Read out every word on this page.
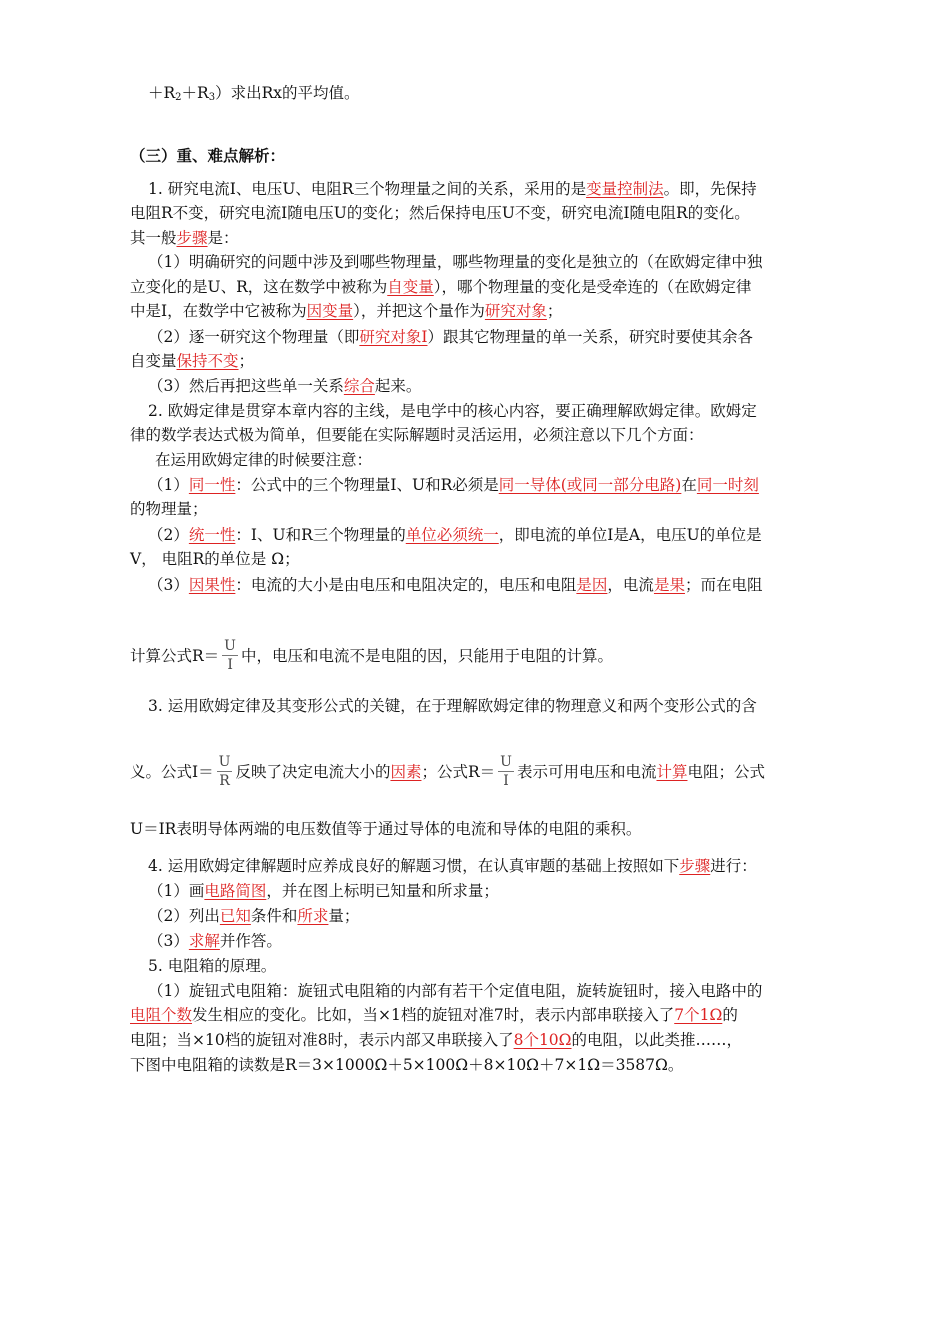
$+R_2+R_3$）求出Rx的平均值。
（三）重、难点解析：
1. 研究电流I、电压U、电阻R三个物理量之间的关系，采用的是变量控制法。即，先保持
电阻R不变，研究电流I随电压U的变化；然后保持电压U不变，研究电流I随电阻R的变化。
其一般步骤是：
（1）明确研究的问题中涉及到哪些物理量，哪些物理量的变化是独立的（在欧姆定律中独
立变化的是U、R，这在数学中被称为自变量），哪个物理量的变化是受牵连的（在欧姆定律
中是I，在数学中它被称为因变量），并把这个量作为研究对象；
（2）逐一研究这个物理量（即研究对象I）跟其它物理量的单一关系，研究时要使其余各
自变量保持不变；
（3）然后再把这些单一关系综合起来。
2. 欧姆定律是贯穿本章内容的主线，是电学中的核心内容，要正确理解欧姆定律。欧姆定
律的数学表达式极为简单，但要能在实际解题时灵活运用，必须注意以下几个方面：
在运用欧姆定律的时候要注意：
（1）同一性：公式中的三个物理量I、U和R必须是同一导体(或同一部分电路)在同一时刻
的物理量；
（2）统一性：I、U和R三个物理量的单位必须统一，即电流的单位I是A，电压U的单位是
V， 电阻R的单位是 Ω；
（3）因果性：电流的大小是由电压和电阻决定的，电压和电阻是因，电流是果；而在电阻
计算公式$R= \frac{U}{I}$ 中，电压和电流不是电阻的因，只能用于电阻的计算。
3. 运用欧姆定律及其变形公式的关键，在于理解欧姆定律的物理意义和两个变形公式的含
义。公式$I= \frac{U}{R}$ 反映了决定电流大小的因素；公式$R= \frac{U}{I}$ 表示可用电压和电流计算电阻；公式
U＝IR表明导体两端的电压数值等于通过导体的电流和导体的电阻的乘积。
4. 运用欧姆定律解题时应养成良好的解题习惯，在认真审题的基础上按照如下步骤进行：
（1）画电路简图，并在图上标明已知量和所求量；
（2）列出已知条件和所求量；
（3）求解并作答。
5. 电阻箱的原理。
（1）旋钮式电阻箱：旋钮式电阻箱的内部有若干个定值电阻，旋转旋钮时，接入电路中的
电阻个数发生相应的变化。比如，当×1档的旋钮对准7时，表示内部串联接入了7个1Ω的
电阻；当×10档的旋钮对准8时，表示内部又串联接入了8个10Ω的电阻，以此类推……，
下图中电阻箱的读数是R＝3×1000Ω＋5×100Ω＋8×10Ω＋7×1Ω＝3587Ω。
